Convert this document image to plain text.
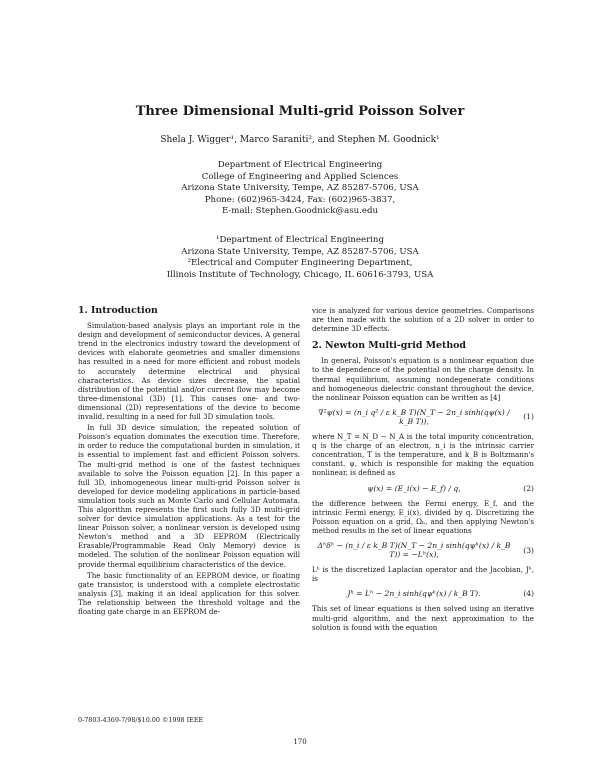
Three Dimensional Multi-grid Poisson Solver
Shela J. Wigger¹, Marco Saraniti², and Stephen M. Goodnick¹
Department of Electrical Engineering
College of Engineering and Applied Sciences
Arizona State University, Tempe, AZ 85287-5706, USA
Phone: (602)965-3424, Fax: (602)965-3837,
E-mail: Stephen.Goodnick@asu.edu
¹Department of Electrical Engineering
Arizona State University, Tempe, AZ 85287-5706, USA
²Electrical and Computer Engineering Department,
Illinois Institute of Technology, Chicago, IL 60616-3793, USA
1. Introduction

Simulation-based analysis plays an important role in the design and development of semiconductor devices. A general trend in the electronics industry toward the development of devices with elaborate geometries and smaller dimensions has resulted in a need for more efficient and robust models to accurately determine electrical and physical characteristics. As device sizes decrease, the spatial distribution of the potential and/or current flow may become three-dimensional (3D) [1]. This causes one- and two-dimensional (2D) representations of the device to become invalid, resulting in a need for full 3D simulation tools.

In full 3D device simulation, the repeated solution of Poisson's equation dominates the execution time. Therefore, in order to reduce the computational burden in simulation, it is essential to implement fast and efficient Poisson solvers. The multi-grid method is one of the fastest techniques available to solve the Poisson equation [2]. In this paper a full 3D, inhomogeneous linear multi-grid Poisson solver is developed for device modeling applications in particle-based simulation tools such as Monte Carlo and Cellular Automata. This algorithm represents the first such fully 3D multi-grid solver for device simulation applications. As a test for the linear Poisson solver, a nonlinear version is developed using Newton's method and a 3D EEPROM (Electrically Erasable/Programmable Read Only Memory) device is modeled. The solution of the nonlinear Poisson equation will provide thermal equilibrium characteristics of the device.

The basic functionality of an EEPROM device, or floating gate transistor, is understood with a complete electrostatic analysis [3], making it an ideal application for this solver. The relationship between the threshold voltage and the floating gate charge in an EEPROM de-

vice is analyzed for various device geometries. Comparisons are then made with the solution of a 2D solver in order to determine 3D effects.

2. Newton Multi-grid Method

In general, Poisson's equation is a nonlinear equation due to the dependence of the potential on the charge density. In thermal equilibrium, assuming nondegenerate conditions and homogeneous dielectric constant throughout the device, the nonlinear Poisson equation can be written as [4]

∇²ψ(x) = (n_i q² / ε k_B T)(N_T − 2n_i sinh(qψ(x) / k_B T)),
(1)

where N_T = N_D − N_A is the total impurity concentration, q is the charge of an electron, n_i is the intrinsic carrier concentration, T is the temperature, and k_B is Boltzmann's constant. ψ, which is responsible for making the equation nonlinear, is defined as

ψ(x) = (E_i(x) − E_f) / q,	(2)

the difference between the Fermi energy, E_f, and the intrinsic Fermi energy, E_i(x), divided by q. Discretizing the Poisson equation on a grid, Ωₕ, and then applying Newton's method results in the set of linear equations

Δʰδʰ − (n_i / ε k_B T)(N_T − 2n_i sinh(qψʰ(x) / k_B T)) = −Lʰ(x),
(3)

Lʰ is the discretized Laplacian operator and the Jacobian, Jʰ, is

Jʰ = Lʰ − 2n_i sinh(qψʰ(x) / k_B T).	(4)

This set of linear equations is then solved using an iterative multi-grid algorithm, and the next approximation to the solution is found with the equation

0-7803-4369-7/98/$10.00 ©1998 IEEE
170
